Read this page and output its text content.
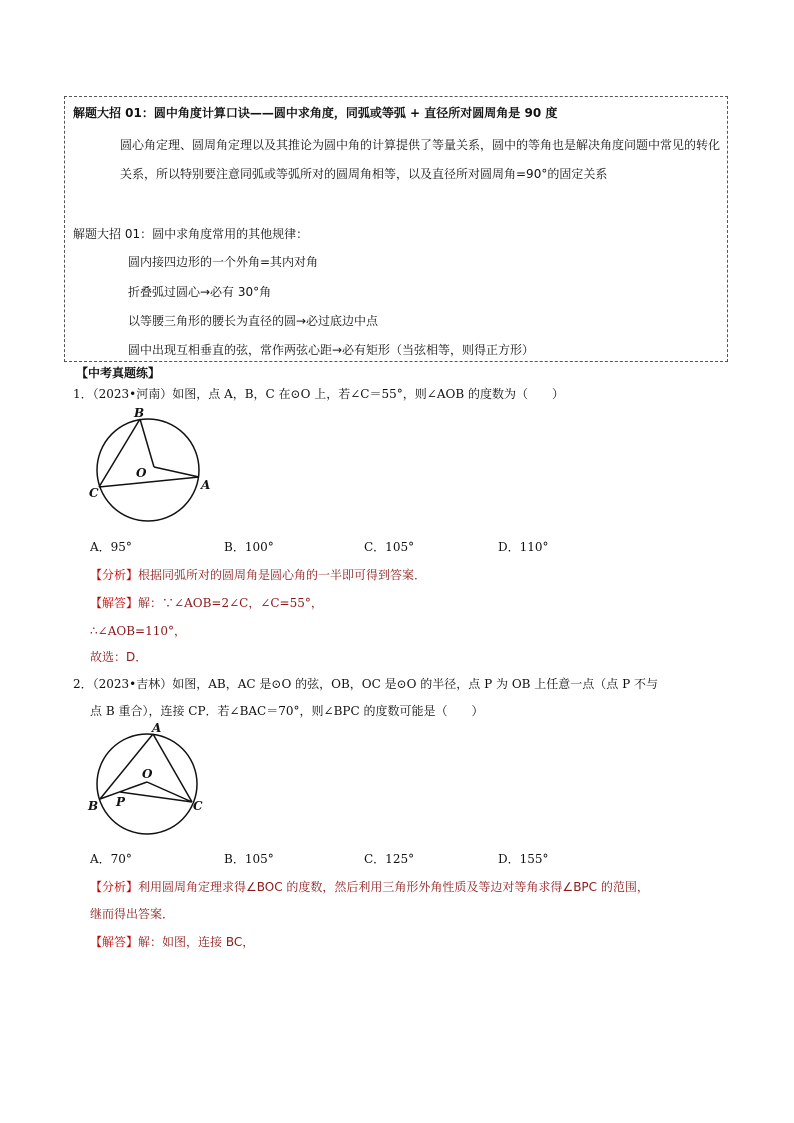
解题大招 01：圆中角度计算口诀——圆中求角度，同弧或等弧 + 直径所对圆周角是 90 度
圆心角定理、圆周角定理以及其推论为圆中角的计算提供了等量关系，圆中的等角也是解决角度问题中常见的转化关系，所以特别要注意同弧或等弧所对的圆周角相等，以及直径所对圆周角=90°的固定关系
解题大招 01：圆中求角度常用的其他规律：
圆内接四边形的一个外角=其内对角
折叠弧过圆心→必有 30°角
以等腰三角形的腰长为直径的圆→必过底边中点
圆中出现互相垂直的弦，常作两弦心距→必有矩形（当弦相等，则得正方形）
【中考真题练】
1．（2023•河南）如图，点 A，B，C 在⊙O 上，若∠C＝55°，则∠AOB 的度数为（　　）
B
O
C
A
A．95°	B．100°	C．105°	D．110°
【分析】根据同弧所对的圆周角是圆心角的一半即可得到答案．
【解答】解：∵∠AOB=2∠C，∠C=55°，
∴∠AOB=110°，
故选：D．
2．（2023•吉林）如图，AB，AC 是⊙O 的弦，OB，OC 是⊙O 的半径，点 P 为 OB 上任意一点（点 P 不与
点 B 重合），连接 CP．若∠BAC＝70°，则∠BPC 的度数可能是（　　）
A
O
B P	C
A．70°	B．105°	C．125°	D．155°
【分析】利用圆周角定理求得∠BOC 的度数，然后利用三角形外角性质及等边对等角求得∠BPC 的范围，
继而得出答案．
【解答】解：如图，连接 BC，
